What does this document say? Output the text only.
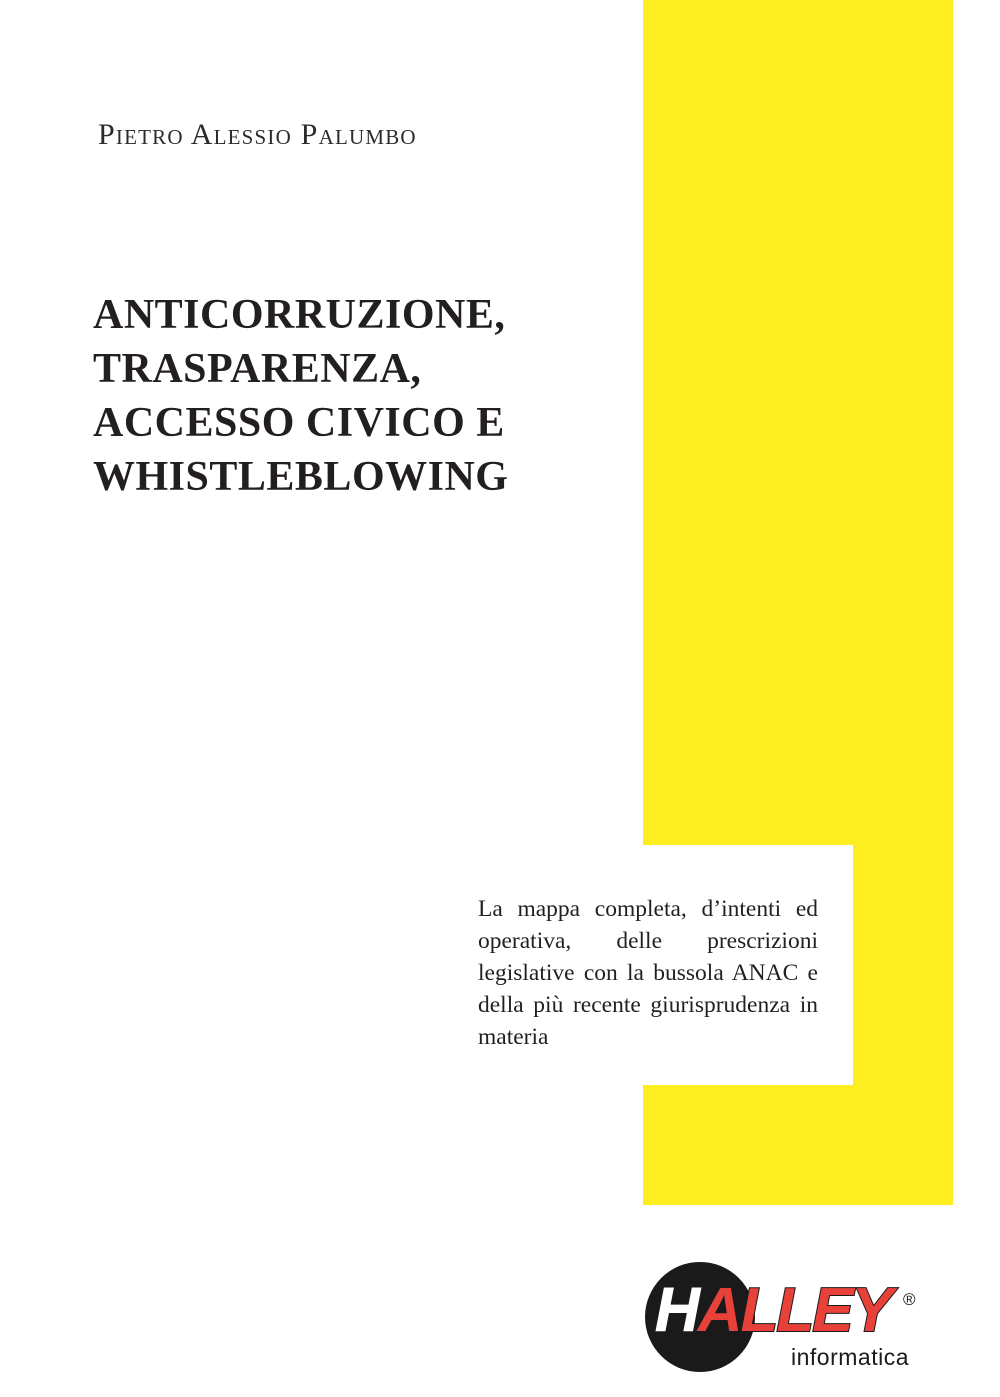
Pietro Alessio Palumbo
ANTICORRUZIONE,
TRASPARENZA,
ACCESSO CIVICO E
WHISTLEBLOWING
La mappa completa, d’intenti ed operativa, delle prescrizioni legislative con la bussola ANAC e della più recente giurisprudenza in materia
HALLEY ®
informatica
